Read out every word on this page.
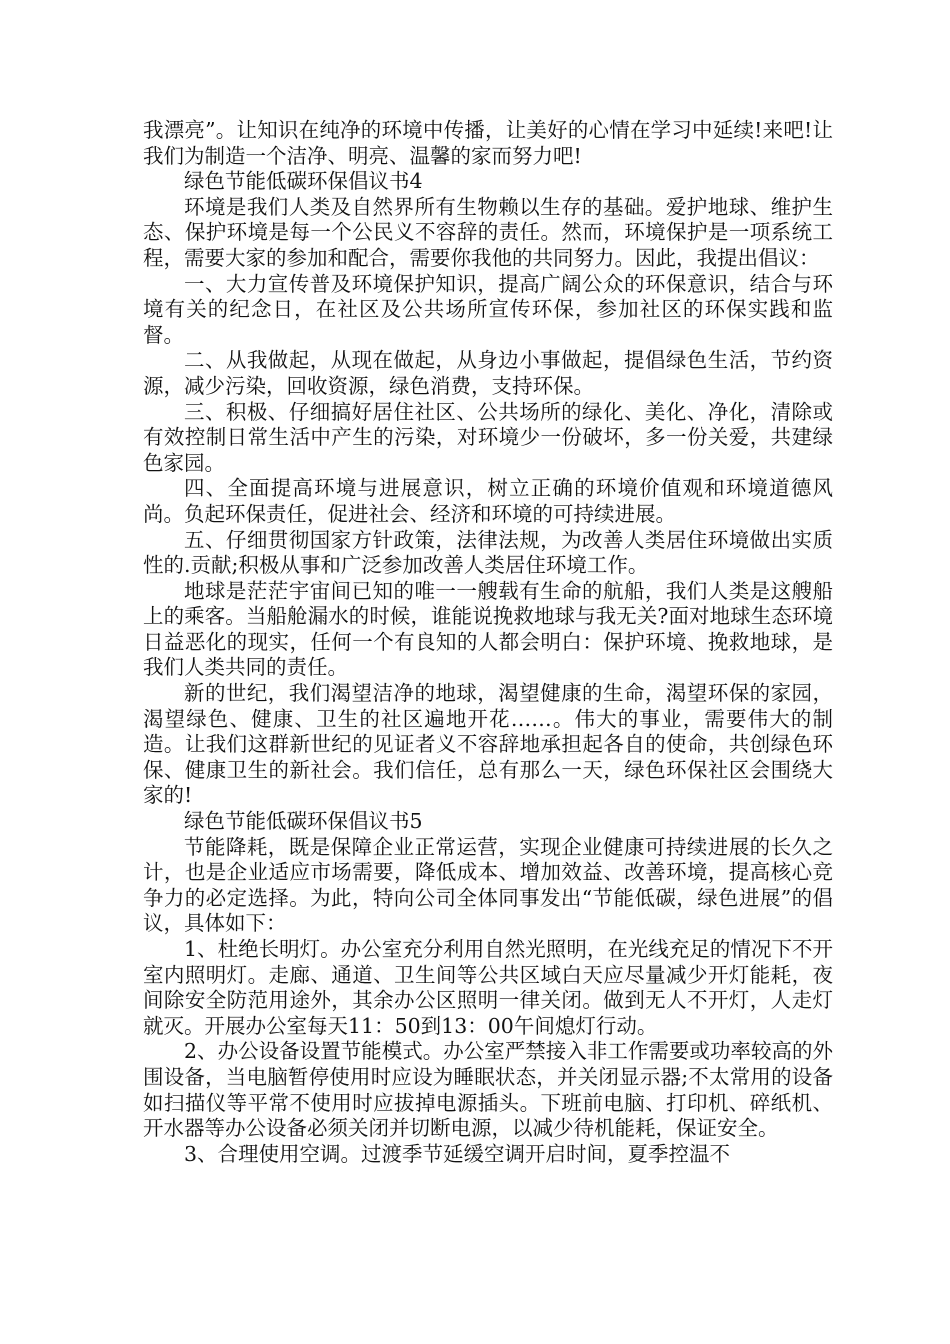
我漂亮”。让知识在纯净的环境中传播，让美好的心情在学习中延续!来吧!让我们为制造一个洁净、明亮、温馨的家而努力吧!

绿色节能低碳环保倡议书4

环境是我们人类及自然界所有生物赖以生存的基础。爱护地球、维护生态、保护环境是每一个公民义不容辞的责任。然而，环境保护是一项系统工程，需要大家的参加和配合，需要你我他的共同努力。因此，我提出倡议：

一、大力宣传普及环境保护知识，提高广阔公众的环保意识，结合与环境有关的纪念日，在社区及公共场所宣传环保，参加社区的环保实践和监督。

二、从我做起，从现在做起，从身边小事做起，提倡绿色生活，节约资源，减少污染，回收资源，绿色消费，支持环保。

三、积极、仔细搞好居住社区、公共场所的绿化、美化、净化，清除或有效控制日常生活中产生的污染，对环境少一份破坏，多一份关爱，共建绿色家园。

四、全面提高环境与进展意识，树立正确的环境价值观和环境道德风尚。负起环保责任，促进社会、经济和环境的可持续进展。

五、仔细贯彻国家方针政策，法律法规，为改善人类居住环境做出实质性的.贡献;积极从事和广泛参加改善人类居住环境工作。

地球是茫茫宇宙间已知的唯一一艘载有生命的航船，我们人类是这艘船上的乘客。当船舱漏水的时候，谁能说挽救地球与我无关?面对地球生态环境日益恶化的现实，任何一个有良知的人都会明白：保护环境、挽救地球，是我们人类共同的责任。

新的世纪，我们渴望洁净的地球，渴望健康的生命，渴望环保的家园，渴望绿色、健康、卫生的社区遍地开花……。伟大的事业，需要伟大的制造。让我们这群新世纪的见证者义不容辞地承担起各自的使命，共创绿色环保、健康卫生的新社会。我们信任，总有那么一天，绿色环保社区会围绕大家的!

绿色节能低碳环保倡议书5

节能降耗，既是保障企业正常运营，实现企业健康可持续进展的长久之计，也是企业适应市场需要，降低成本、增加效益、改善环境，提高核心竞争力的必定选择。为此，特向公司全体同事发出“节能低碳，绿色进展”的倡议，具体如下：

1、杜绝长明灯。办公室充分利用自然光照明，在光线充足的情况下不开室内照明灯。走廊、通道、卫生间等公共区域白天应尽量减少开灯能耗，夜间除安全防范用途外，其余办公区照明一律关闭。做到无人不开灯，人走灯就灭。开展办公室每天11：50到13：00午间熄灯行动。

2、办公设备设置节能模式。办公室严禁接入非工作需要或功率较高的外围设备，当电脑暂停使用时应设为睡眠状态，并关闭显示器;不太常用的设备如扫描仪等平常不使用时应拔掉电源插头。下班前电脑、打印机、碎纸机、开水器等办公设备必须关闭并切断电源，以减少待机能耗，保证安全。

3、合理使用空调。过渡季节延缓空调开启时间，夏季控温不
